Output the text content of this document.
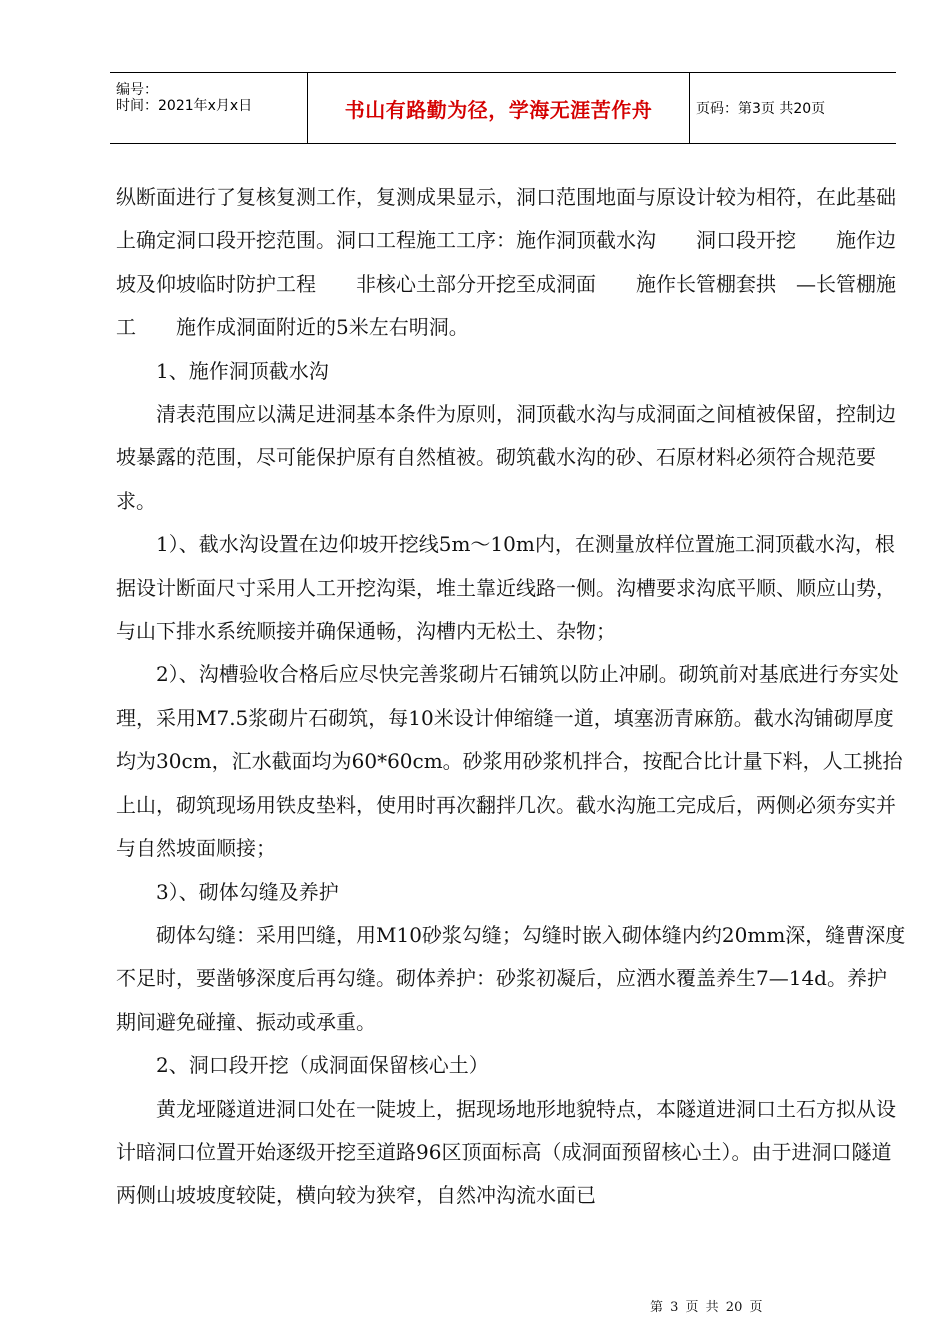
编号：
时间：2021年x月x日	书山有路勤为径，学海无涯苦作舟	页码：第3页 共20页

纵断面进行了复核复测工作，复测成果显示，洞口范围地面与原设计较为相符，在此基础上确定洞口段开挖范围。洞口工程施工工序：施作洞顶截水沟　　洞口段开挖　　施作边坡及仰坡临时防护工程　　非核心土部分开挖至成洞面　　施作长管棚套拱　—长管棚施工　　施作成洞面附近的5米左右明洞。

1、施作洞顶截水沟

清表范围应以满足进洞基本条件为原则，洞顶截水沟与成洞面之间植被保留，控制边坡暴露的范围，尽可能保护原有自然植被。砌筑截水沟的砂、石原材料必须符合规范要求。

1）、截水沟设置在边仰坡开挖线5m～10m内，在测量放样位置施工洞顶截水沟，根据设计断面尺寸采用人工开挖沟渠，堆土靠近线路一侧。沟槽要求沟底平顺、顺应山势，与山下排水系统顺接并确保通畅，沟槽内无松土、杂物；

2）、沟槽验收合格后应尽快完善浆砌片石铺筑以防止冲刷。砌筑前对基底进行夯实处理，采用M7.5浆砌片石砌筑，每10米设计伸缩缝一道，填塞沥青麻筋。截水沟铺砌厚度均为30cm，汇水截面均为60*60cm。砂浆用砂浆机拌合，按配合比计量下料，人工挑抬上山，砌筑现场用铁皮垫料，使用时再次翻拌几次。截水沟施工完成后，两侧必须夯实并与自然坡面顺接；

3）、砌体勾缝及养护

砌体勾缝：采用凹缝，用M10砂浆勾缝；勾缝时嵌入砌体缝内约20mm深，缝曹深度不足时，要凿够深度后再勾缝。砌体养护：砂浆初凝后，应洒水覆盖养生7—14d。养护期间避免碰撞、振动或承重。

2、洞口段开挖（成洞面保留核心土）

黄龙垭隧道进洞口处在一陡坡上，据现场地形地貌特点，本隧道进洞口土石方拟从设计暗洞口位置开始逐级开挖至道路96区顶面标高（成洞面预留核心土）。由于进洞口隧道两侧山坡坡度较陡，横向较为狭窄，自然冲沟流水面已

第 3 页 共 20 页
